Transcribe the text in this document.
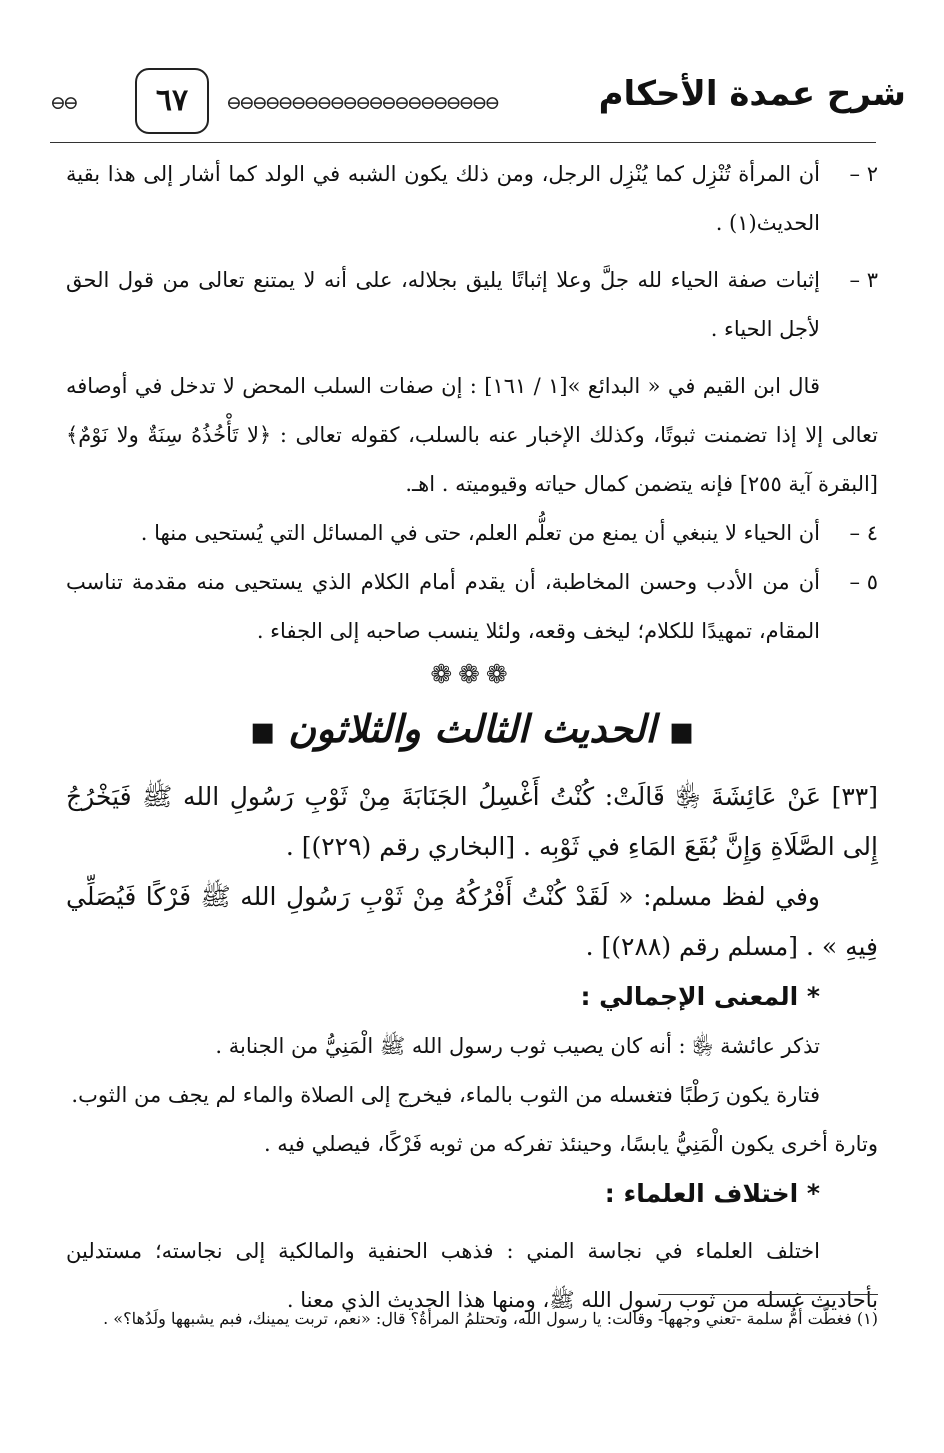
⊖⊖	٦٧	⊖⊖⊖⊖⊖⊖⊖⊖⊖⊖⊖⊖⊖⊖⊖⊖⊖⊖⊖⊖⊖	شرح عمدة الأحكام
٢ –
أن المرأة تُنْزِل كما يُنْزِل الرجل، ومن ذلك يكون الشبه في الولد كما أشار إلى هذا بقية الحديث(١) .
٣ –
إثبات صفة الحياء لله جلَّ وعلا إثباتًا يليق بجلاله، على أنه لا يمتنع تعالى من قول الحق لأجل الحياء .

قال ابن القيم في « البدائع »[١ / ١٦١] : إن صفات السلب المحض لا تدخل في أوصافه تعالى إلا إذا تضمنت ثبوتًا، وكذلك الإخبار عنه بالسلب، كقوله تعالى : ﴿لا تَأْخُذُهُ سِنَةٌ ولا نَوْمٌ﴾ [البقرة آية ٢٥٥] فإنه يتضمن كمال حياته وقيوميته . اهـ.

٤ –
أن الحياء لا ينبغي أن يمنع من تعلُّم العلم، حتى في المسائل التي يُستحيى منها .
٥ –
أن من الأدب وحسن المخاطبة، أن يقدم أمام الكلام الذي يستحيى منه مقدمة تناسب المقام، تمهيدًا للكلام؛ ليخف وقعه، ولئلا ينسب صاحبه إلى الجفاء .
❁❁❁
■ الحديث الثالث والثلاثون ■

[٣٣] عَنْ عَائِشَةَ ﵂ قَالَتْ: كُنْتُ أَغْسِلُ الجَنَابَةَ مِنْ ثَوْبِ رَسُولِ الله ﷺ فَيَخْرُجُ إِلى الصَّلَاةِ وَإِنَّ بُقَعَ المَاءِ في ثَوْبِه . [البخاري رقم (٢٢٩)] .

وفي لفظ مسلم: « لَقَدْ كُنْتُ أَفْرُكُهُ مِنْ ثَوْبِ رَسُولِ الله ﷺ فَرْكًا فَيُصَلِّي فِيهِ » . [مسلم رقم (٢٨٨)] .

* المعنى الإجمالي :

تذكر عائشة ﵂ : أنه كان يصيب ثوب رسول الله ﷺ الْمَنِيُّ من الجنابة .

فتارة يكون رَطْبًا فتغسله من الثوب بالماء، فيخرج إلى الصلاة والماء لم يجف من الثوب.

وتارة أخرى يكون الْمَنِيُّ يابسًا، وحينئذ تفركه من ثوبه فَرْكًا، فيصلي فيه .

* اختلاف العلماء :

اختلف العلماء في نجاسة المني : فذهب الحنفية والمالكية إلى نجاسته؛ مستدلين بأحاديث غسله من ثوب رسول الله ﷺ، ومنها هذا الحديث الذي معنا .

(١) فغطَّت أمُّ سلمة -تعني وجهها- وقالت: يا رسول الله، وتحتلمُ المرأةُ؟ قال: «نعم، تربت يمينك، فبم يشبهها ولَدُها؟» .
